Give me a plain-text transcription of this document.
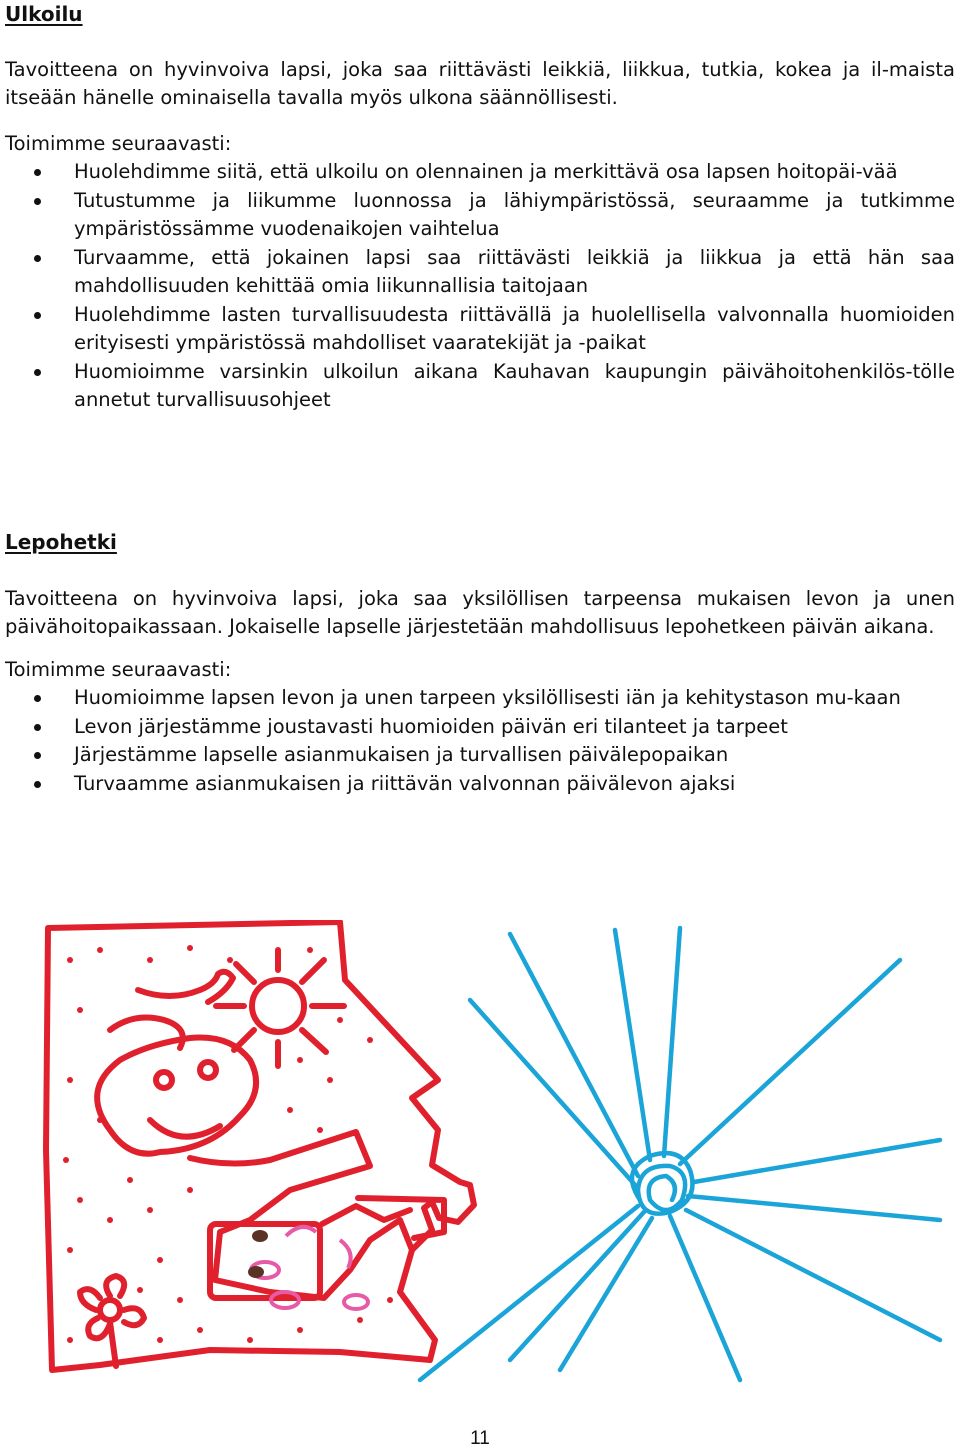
Ulkoilu

Tavoitteena on hyvinvoiva lapsi, joka saa riittävästi leikkiä, liikkua, tutkia, kokea ja il-maista itseään hänelle ominaisella tavalla myös ulkona säännöllisesti.

Toimimme seuraavasti:

Huolehdimme siitä, että ulkoilu on olennainen ja merkittävä osa lapsen hoitopäi-vää
Tutustumme ja liikumme luonnossa ja lähiympäristössä, seuraamme ja tutkimme ympäristössämme vuodenaikojen vaihtelua
Turvaamme, että jokainen lapsi saa riittävästi leikkiä ja liikkua ja että hän saa mahdollisuuden kehittää omia liikunnallisia taitojaan
Huolehdimme lasten turvallisuudesta riittävällä ja huolellisella valvonnalla huomioiden erityisesti ympäristössä mahdolliset vaaratekijät ja -paikat
Huomioimme varsinkin ulkoilun aikana Kauhavan kaupungin päivähoitohenkilös-tölle annetut turvallisuusohjeet
Lepohetki

Tavoitteena on hyvinvoiva lapsi, joka saa yksilöllisen tarpeensa mukaisen levon ja unen päivähoitopaikassaan. Jokaiselle lapselle järjestetään mahdollisuus lepohetkeen päivän aikana.

Toimimme seuraavasti:

Huomioimme lapsen levon ja unen tarpeen yksilöllisesti iän ja kehitystason mu-kaan
Levon järjestämme joustavasti huomioiden päivän eri tilanteet ja tarpeet
Järjestämme lapselle asianmukaisen ja turvallisen päivälepopaikan
Turvaamme asianmukaisen ja riittävän valvonnan päivälevon ajaksi
11
